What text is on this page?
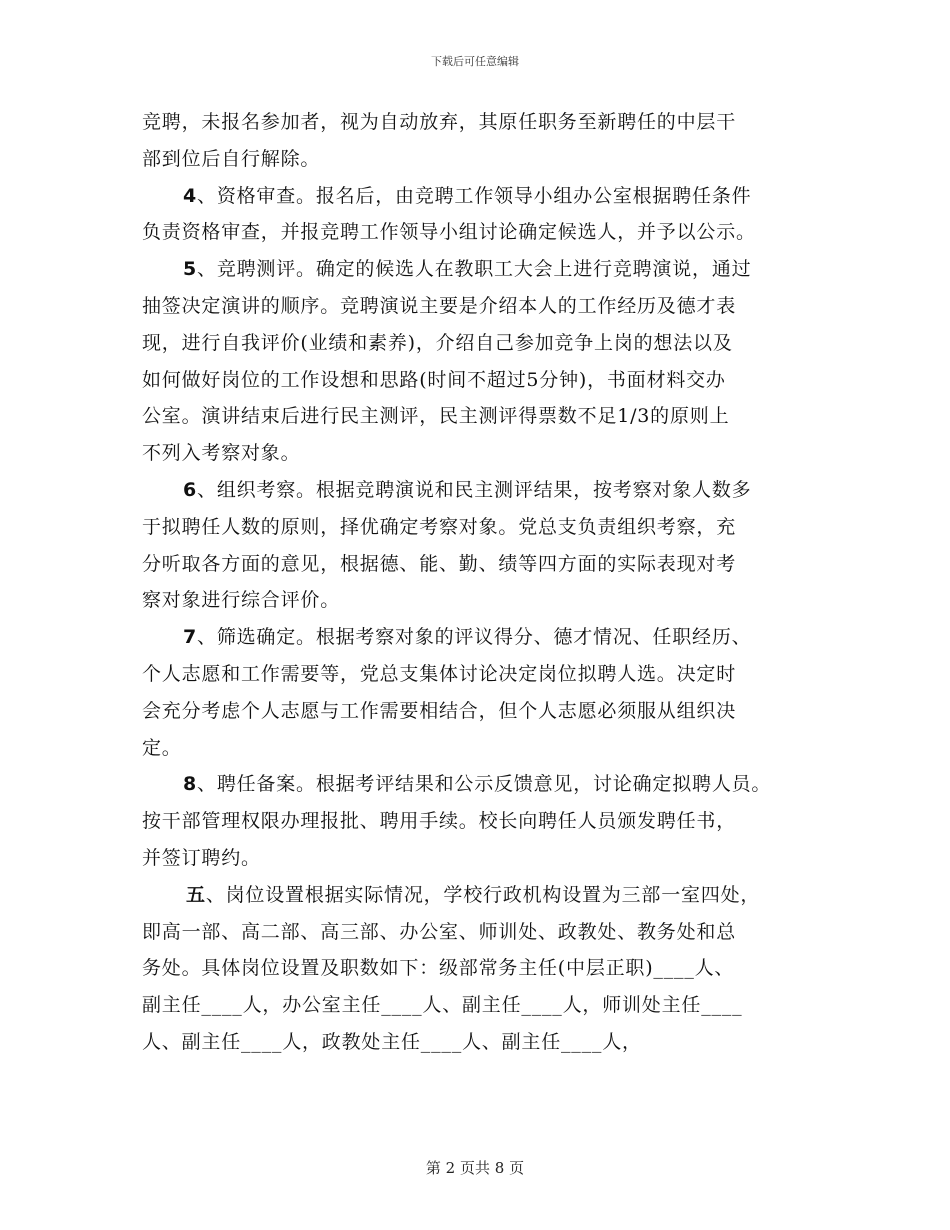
下载后可任意编辑

竞聘，未报名参加者，视为自动放弃，其原任职务至新聘任的中层干
部到位后自行解除。

4、资格审查。报名后，由竞聘工作领导小组办公室根据聘任条件
负责资格审查，并报竞聘工作领导小组讨论确定候选人，并予以公示。

5、竞聘测评。确定的候选人在教职工大会上进行竞聘演说，通过
抽签决定演讲的顺序。竞聘演说主要是介绍本人的工作经历及德才表
现，进行自我评价(业绩和素养)，介绍自己参加竞争上岗的想法以及
如何做好岗位的工作设想和思路(时间不超过5分钟)，书面材料交办
公室。演讲结束后进行民主测评，民主测评得票数不足1/3的原则上
不列入考察对象。

6、组织考察。根据竞聘演说和民主测评结果，按考察对象人数多
于拟聘任人数的原则，择优确定考察对象。党总支负责组织考察，充
分听取各方面的意见，根据德、能、勤、绩等四方面的实际表现对考
察对象进行综合评价。

7、筛选确定。根据考察对象的评议得分、德才情况、任职经历、
个人志愿和工作需要等，党总支集体讨论决定岗位拟聘人选。决定时
会充分考虑个人志愿与工作需要相结合，但个人志愿必须服从组织决
定。

8、聘任备案。根据考评结果和公示反馈意见，讨论确定拟聘人员。
按干部管理权限办理报批、聘用手续。校长向聘任人员颁发聘任书，
并签订聘约。

五、岗位设置根据实际情况，学校行政机构设置为三部一室四处，
即高一部、高二部、高三部、办公室、师训处、政教处、教务处和总
务处。具体岗位设置及职数如下：级部常务主任(中层正职)____人、
副主任____人，办公室主任____人、副主任____人，师训处主任____
人、副主任____人，政教处主任____人、副主任____人，

第 2 页共 8 页
